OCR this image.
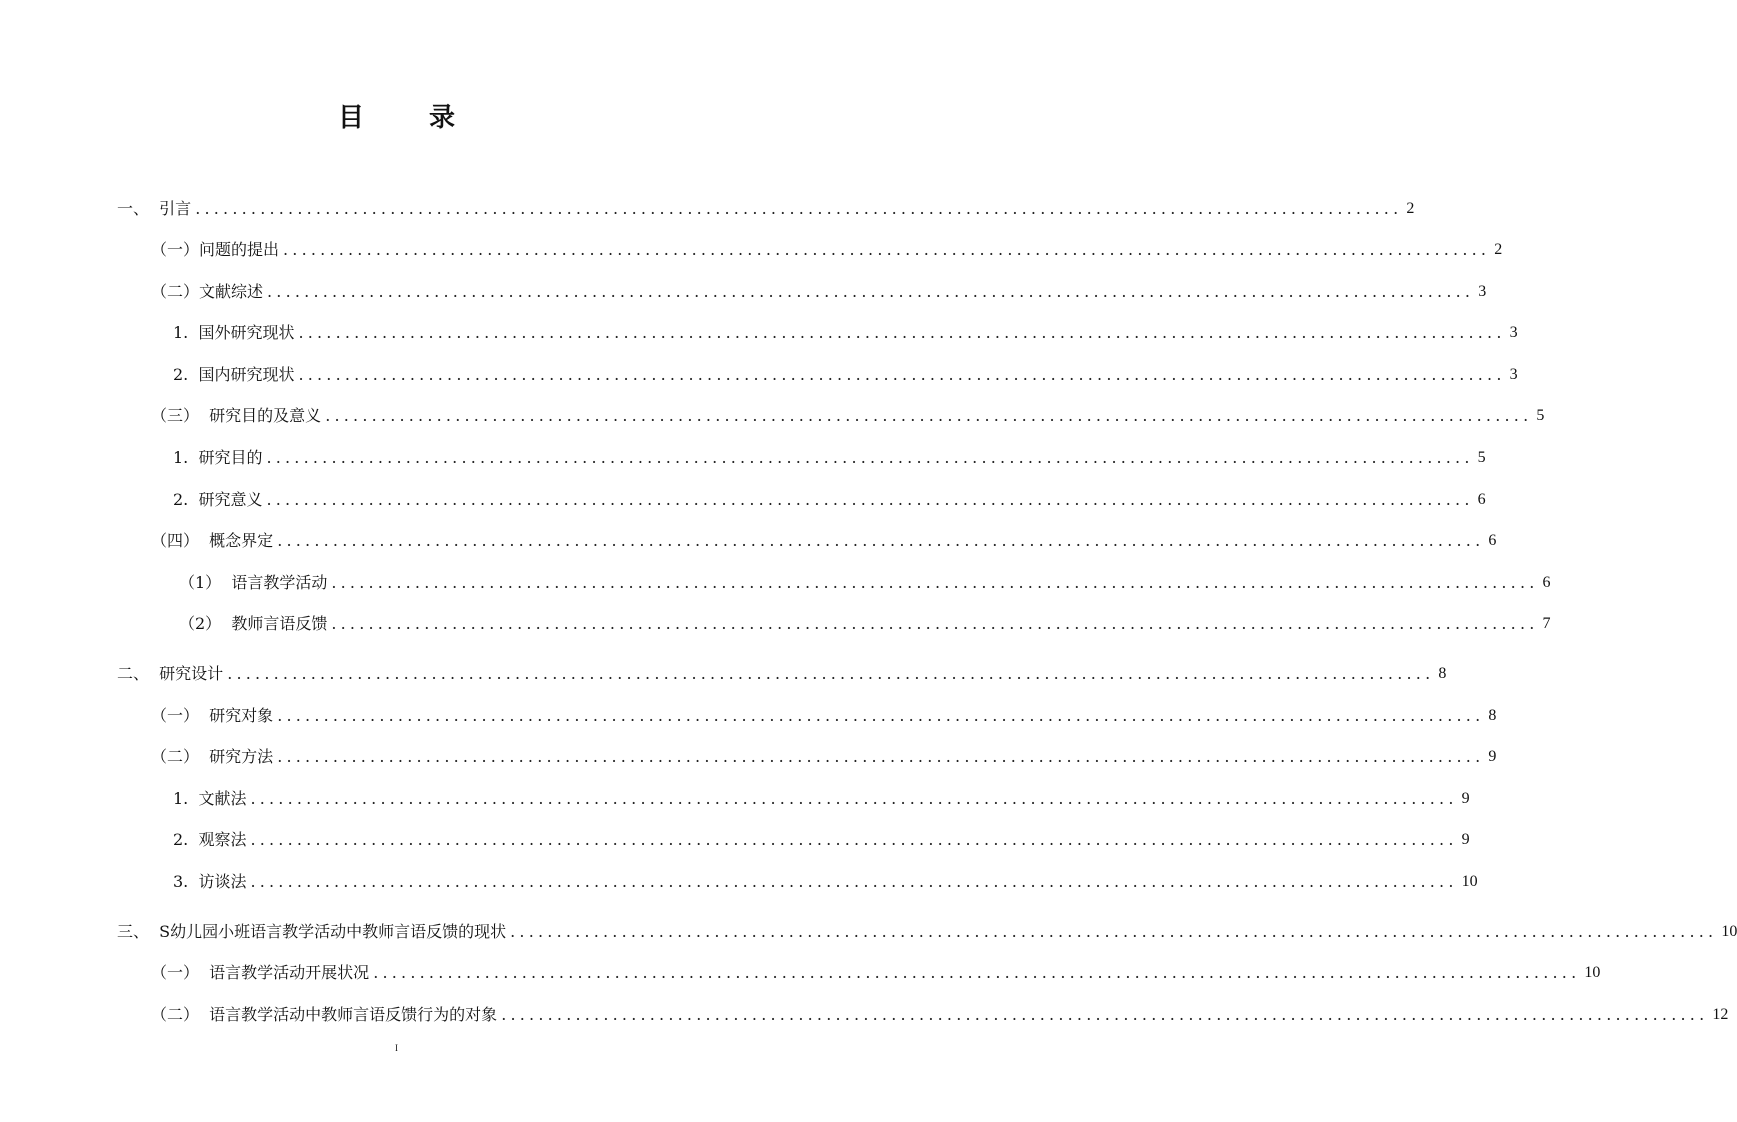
目 录
一、  引言 .................................................................................................................................. 2
（一）问题的提出 .................................................................................................................................. 2
（二）文献综述 .................................................................................................................................. 3
1.  国外研究现状 .................................................................................................................................. 3
2.  国内研究现状 .................................................................................................................................. 3
（三）  研究目的及意义 .................................................................................................................................. 5
1.  研究目的 .................................................................................................................................. 5
2.  研究意义 .................................................................................................................................. 6
（四）  概念界定 .................................................................................................................................. 6
（1）  语言教学活动 .................................................................................................................................. 6
（2）  教师言语反馈 .................................................................................................................................. 7
二、  研究设计 .................................................................................................................................. 8
（一）  研究对象 .................................................................................................................................. 8
（二）  研究方法 .................................................................................................................................. 9
1.  文献法 .................................................................................................................................. 9
2.  观察法 .................................................................................................................................. 9
3.  访谈法 .................................................................................................................................. 10
三、  S幼儿园小班语言教学活动中教师言语反馈的现状 .................................................................................................................................. 10
（一）  语言教学活动开展状况 .................................................................................................................................. 10
（二）  语言教学活动中教师言语反馈行为的对象 .................................................................................................................................. 12
I
